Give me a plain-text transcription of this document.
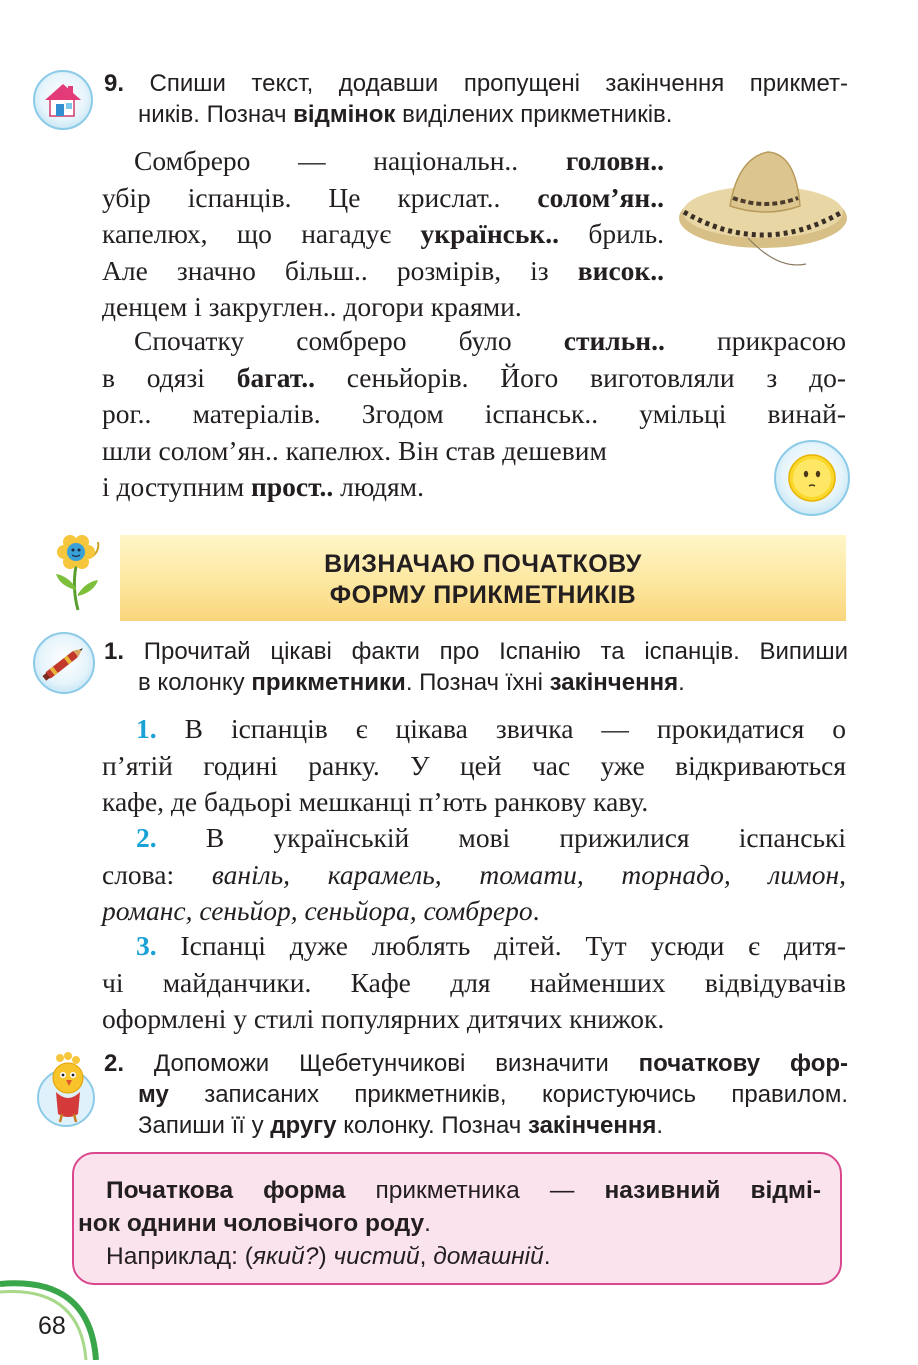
9. Спиши текст, додавши пропущені закінчення прикмет-
ників. Познач відмінок виділених прикметників.
Сомбреро — національн.. головн..
убір іспанців. Це крислат.. солом’ян..
капелюх, що нагадує українськ.. бриль.
Але значно більш.. розмірів, із висок..
денцем і закруглен.. догори краями.
Спочатку сомбреро було стильн.. прикрасою
в одязі багат.. сеньйорів. Його виготовляли з до-
рог.. матеріалів. Згодом іспанськ.. умільці винай-
шли солом’ян.. капелюх. Він став дешевим
і доступним прост.. людям.
ВИЗНАЧАЮ ПОЧАТКОВУ
ФОРМУ ПРИКМЕТНИКІВ
1. Прочитай цікаві факти про Іспанію та іспанців. Випиши
в колонку прикметники. Познач їхні закінчення.
1. В іспанців є цікава звичка — прокидатися о
п’ятій годині ранку. У цей час уже відкриваються
кафе, де бадьорі мешканці п’ють ранкову каву.
2. В українській мові прижилися іспанські
слова: ваніль, карамель, томати, торнадо, лимон,
романс, сеньйор, сеньйора, сомбреро.
3. Іспанці дуже люблять дітей. Тут усюди є дитя-
чі майданчики. Кафе для найменших відвідувачів
оформлені у стилі популярних дитячих книжок.
2. Допоможи Щебетунчикові визначити початкову фор-
му записаних прикметників, користуючись правилом.
Запиши її у другу колонку. Познач закінчення.
Початкова форма прикметника — називний відмі-
нок однини чоловічого роду.
Наприклад: (який?) чистий, домашній.
68
